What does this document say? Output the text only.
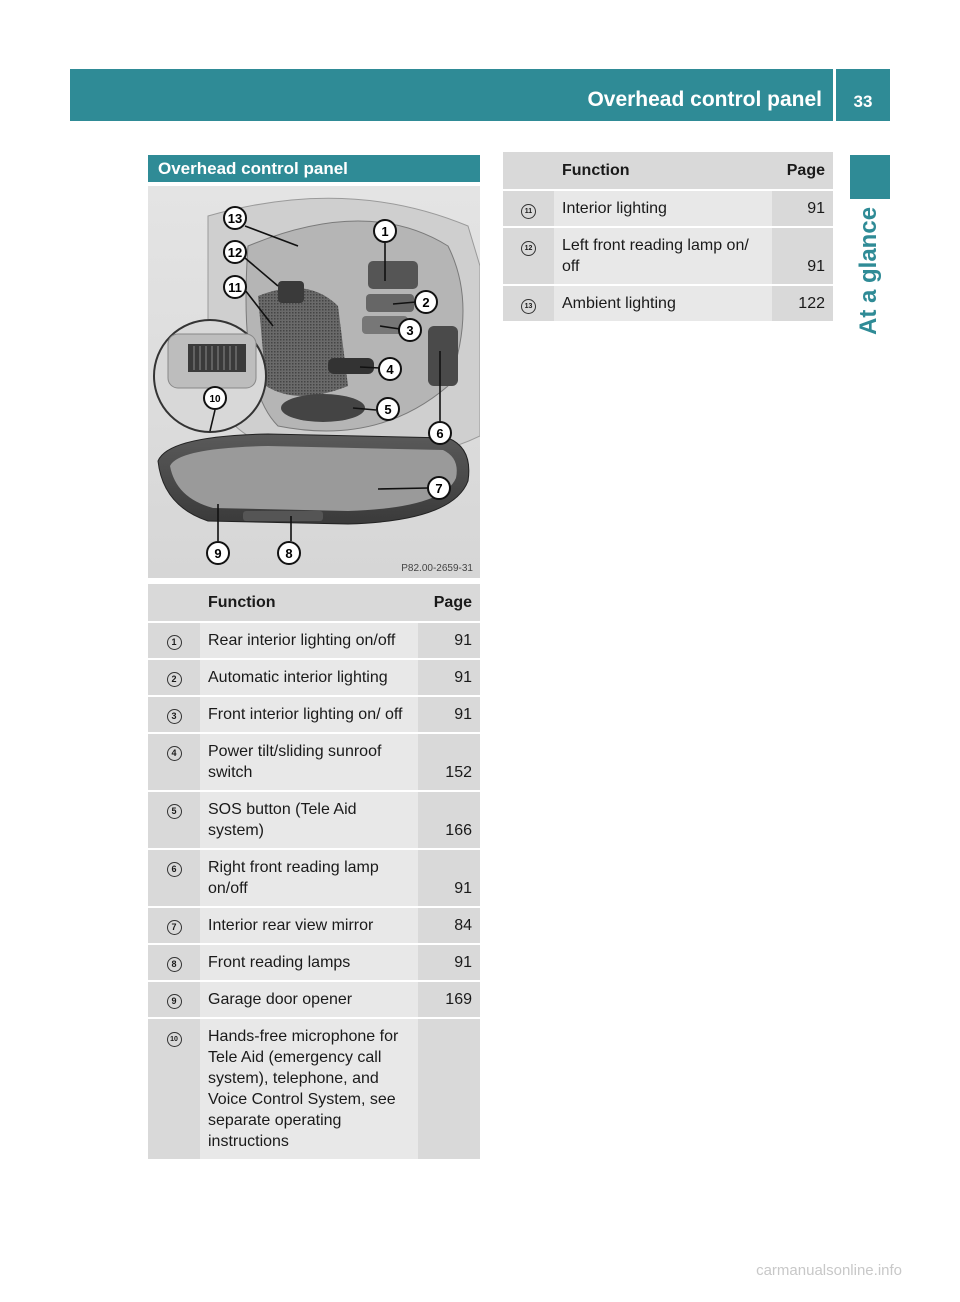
Overhead control panel	33
At a glance
Overhead control panel
13
12
11
1
2
3
4
5
6
7
8
9
10
P82.00-2659-31
	Function	Page
1	Rear interior lighting on/off	91
2	Automatic interior lighting	91
3	Front interior lighting on/ off	91
4	Power tilt/sliding sunroof switch	152
5	SOS button (Tele Aid system)	166
6	Right front reading lamp on/off	91
7	Interior rear view mirror	84
8	Front reading lamps	91
9	Garage door opener	169
10	Hands-free microphone for Tele Aid (emergency call system), telephone, and Voice Control System, see separate operating instructions	
	Function	Page
11	Interior lighting	91
12	Left front reading lamp on/ off	91
13	Ambient lighting	122
carmanualsonline.info
